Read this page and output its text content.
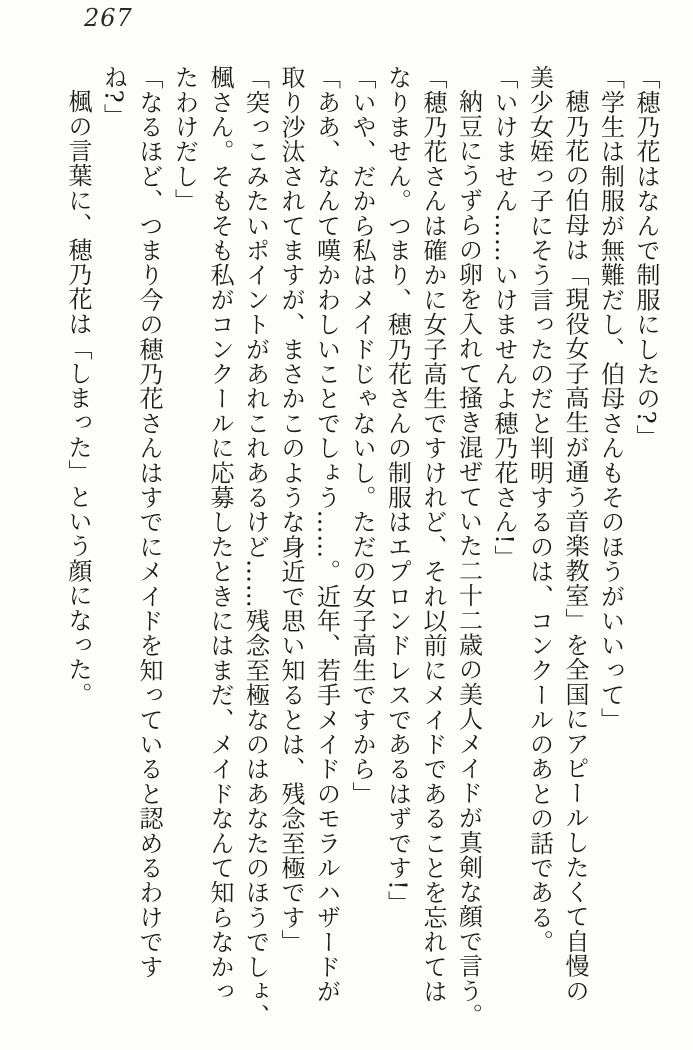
267
「穂乃花はなんで制服にしたの?」
「学生は制服が無難だし、伯母さんもそのほうがいいって」
穂乃花の伯母は「現役女子高生が通う音楽教室」を全国にアピールしたくて自慢の
美少女姪っ子にそう言ったのだと判明するのは、コンクールのあとの話である。
「いけません……いけませんよ穂乃花さん!」
納豆にうずらの卵を入れて掻き混ぜていた二十二歳の美人メイドが真剣な顔で言う。
「穂乃花さんは確かに女子高生ですけれど、それ以前にメイドであることを忘れては
なりません。つまり、穂乃花さんの制服はエプロンドレスであるはずです!」
「いや、だから私はメイドじゃないし。ただの女子高生ですから」
「ああ、なんて嘆かわしいことでしょう……。近年、若手メイドのモラルハザードが
取り沙汰されてますが、まさかこのような身近で思い知るとは、残念至極です」
「突っこみたいポイントがあれこれあるけど……残念至極なのはあなたのほうでしょ、
楓さん。そもそも私がコンクールに応募したときにはまだ、メイドなんて知らなかっ
たわけだし」
「なるほど、つまり今の穂乃花さんはすでにメイドを知っていると認めるわけです
ね?」
楓の言葉に、穂乃花は「しまった」という顔になった。
